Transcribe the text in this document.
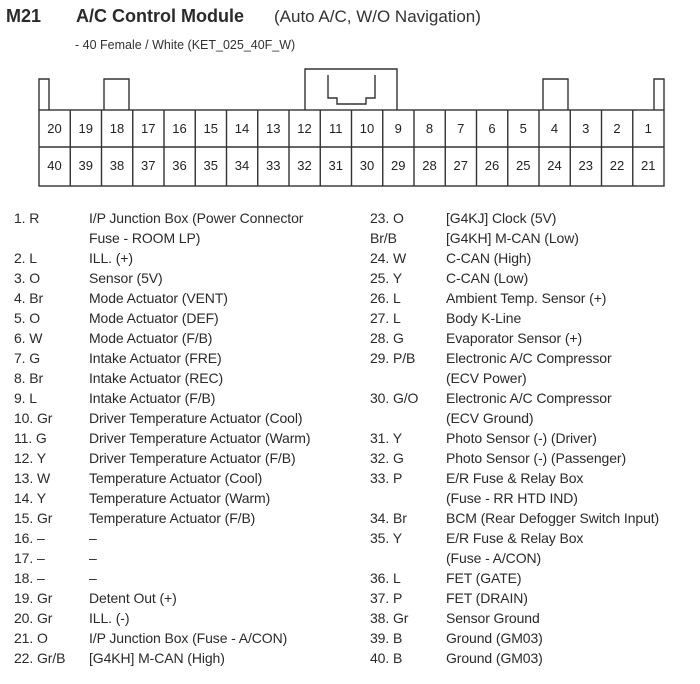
M21 A/C Control Module (Auto A/C, W/O Navigation)
- 40 Female / White (KET_025_40F_W)
20	19	18	17	16	15	14	13	12	11	10	9	8	7	6	5	4	3	2	1
40	39	38	37	36	35	34	33	32	31	30	29	28	27	26	25	24	23	22	21
1. R	I/P Junction Box (Power Connector
Fuse - ROOM LP)
2. L	ILL. (+)
3. O	Sensor (5V)
4. Br	Mode Actuator (VENT)
5. O	Mode Actuator (DEF)
6. W	Mode Actuator (F/B)
7. G	Intake Actuator (FRE)
8. Br	Intake Actuator (REC)
9. L	Intake Actuator (F/B)
10. Gr	Driver Temperature Actuator (Cool)
11. G	Driver Temperature Actuator (Warm)
12. Y	Driver Temperature Actuator (F/B)
13. W	Temperature Actuator (Cool)
14. Y	Temperature Actuator (Warm)
15. Gr	Temperature Actuator (F/B)
16. –	–
17. –	–
18. –	–
19. Gr	Detent Out (+)
20. Gr	ILL. (-)
21. O	I/P Junction Box (Fuse - A/CON)
22. Gr/B [G4KH] M-CAN (High)
23. O	[G4KJ] Clock (5V)
Br/B	[G4KH] M-CAN (Low)
24. W	C-CAN (High)
25. Y	C-CAN (Low)
26. L	Ambient Temp. Sensor (+)
27. L	Body K-Line
28. G	Evaporator Sensor (+)
29. P/B Electronic A/C Compressor
(ECV Power)
30. G/O Electronic A/C Compressor
(ECV Ground)
31. Y	Photo Sensor (-) (Driver)
32. G	Photo Sensor (-) (Passenger)
33. P	E/R Fuse & Relay Box
(Fuse - RR HTD IND)
34. Br	BCM (Rear Defogger Switch Input)
35. Y	E/R Fuse & Relay Box
(Fuse - A/CON)
36. L	FET (GATE)
37. P	FET (DRAIN)
38. Gr	Sensor Ground
39. B	Ground (GM03)
40. B	Ground (GM03)
